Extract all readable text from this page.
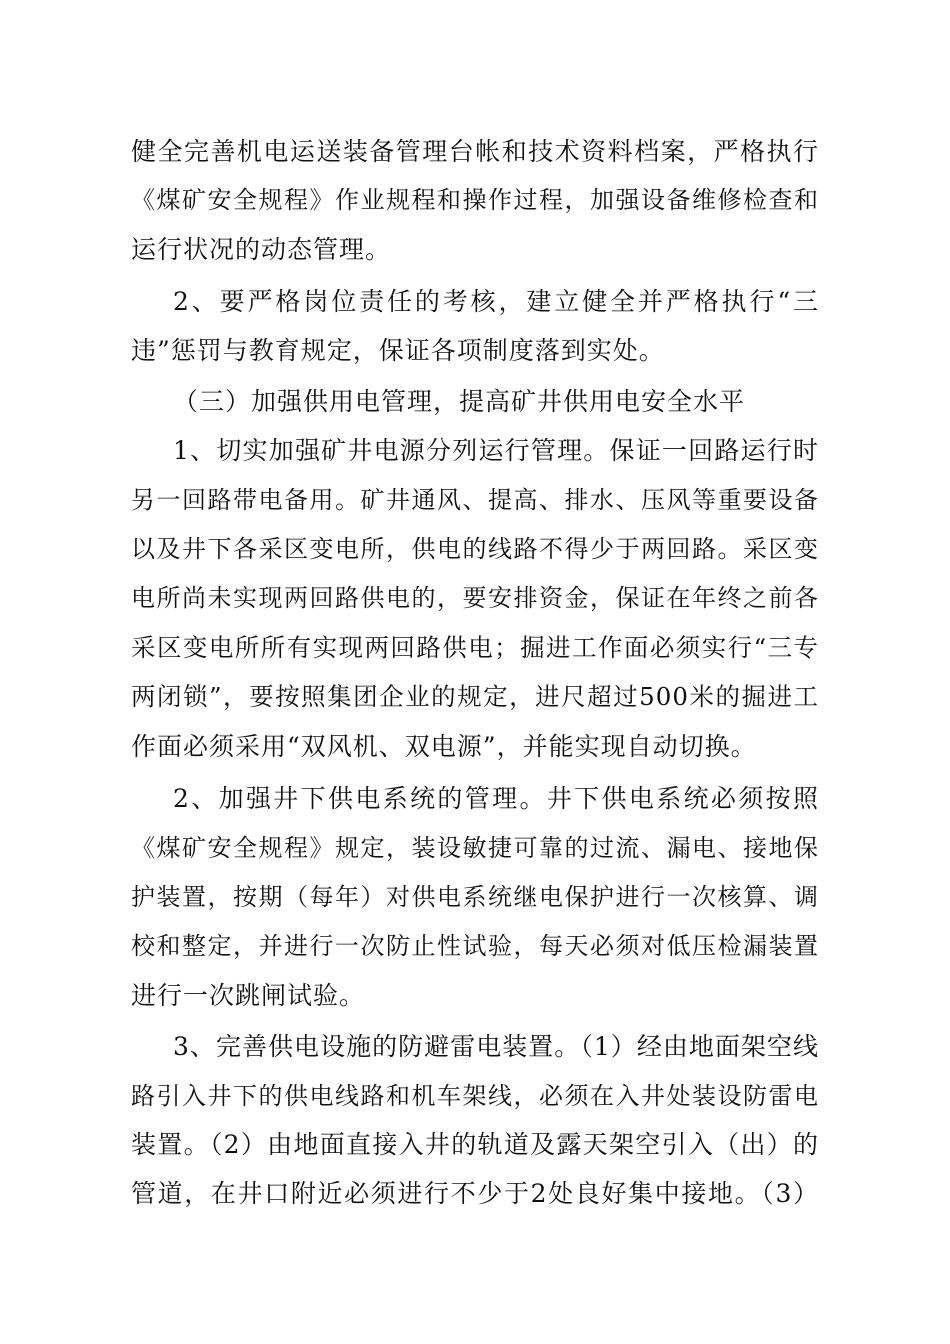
健全完善机电运送装备管理台帐和技术资料档案，严格执行
《煤矿安全规程》作业规程和操作过程，加强设备维修检查和
运行状况的动态管理。
2、要严格岗位责任的考核，建立健全并严格执行“三
违”惩罚与教育规定，保证各项制度落到实处。
（三）加强供用电管理，提高矿井供用电安全水平
1、切实加强矿井电源分列运行管理。保证一回路运行时
另一回路带电备用。矿井通风、提高、排水、压风等重要设备
以及井下各采区变电所，供电的线路不得少于两回路。采区变
电所尚未实现两回路供电的，要安排资金，保证在年终之前各
采区变电所所有实现两回路供电；掘进工作面必须实行“三专
两闭锁”，要按照集团企业的规定，进尺超过500米的掘进工
作面必须采用“双风机、双电源”，并能实现自动切换。
2、加强井下供电系统的管理。井下供电系统必须按照
《煤矿安全规程》规定，装设敏捷可靠的过流、漏电、接地保
护装置，按期（每年）对供电系统继电保护进行一次核算、调
校和整定，并进行一次防止性试验，每天必须对低压检漏装置
进行一次跳闸试验。
3、完善供电设施的防避雷电装置。（1）经由地面架空线
路引入井下的供电线路和机车架线，必须在入井处装设防雷电
装置。（2）由地面直接入井的轨道及露天架空引入（出）的
管道，在井口附近必须进行不少于2处良好集中接地。（3）
